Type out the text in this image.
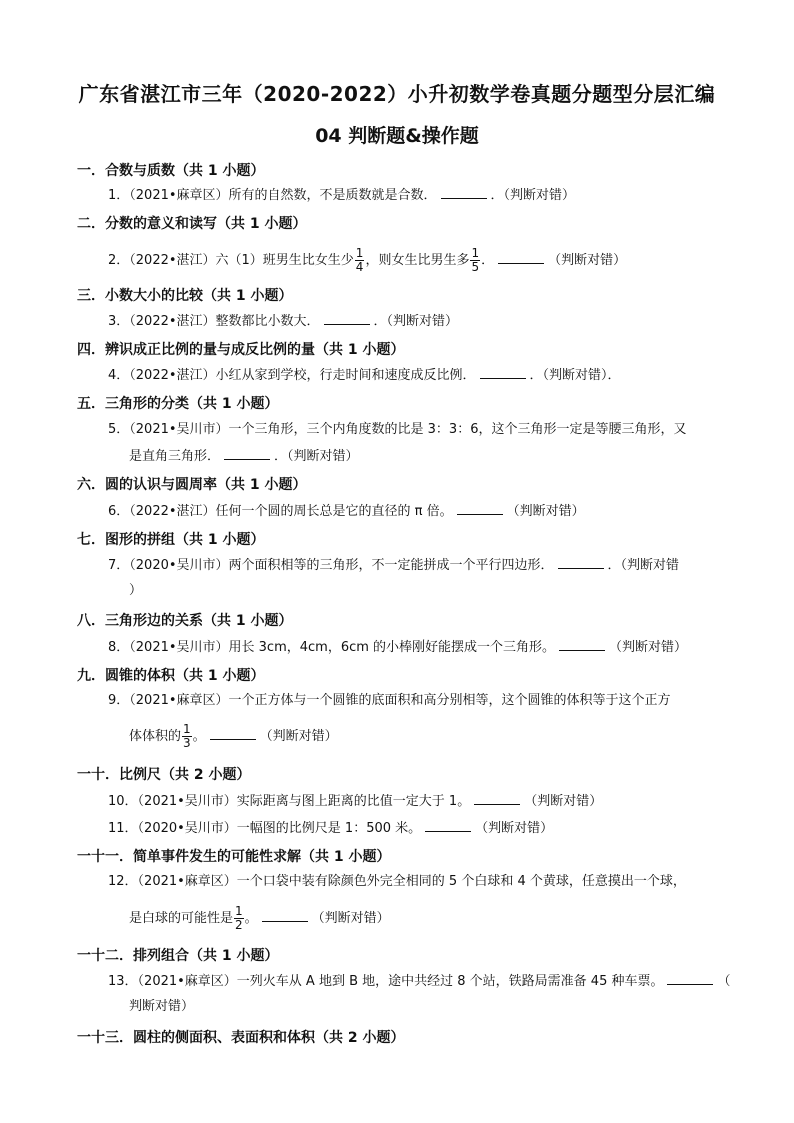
广东省湛江市三年（2020-2022）小升初数学卷真题分题型分层汇编
04 判断题&操作题
一．合数与质数（共 1 小题）
1．（2021•麻章区）所有的自然数，不是质数就是合数．	．（判断对错）
二．分数的意义和读写（共 1 小题）
2．（2022•湛江）六（1）班男生比女生少 $\frac{1}{4}$ ，则女生比男生多 $\frac{1}{5}$ ．	（判断对错）
三．小数大小的比较（共 1 小题）
3．（2022•湛江）整数都比小数大．	．（判断对错）
四．辨识成正比例的量与成反比例的量（共 1 小题）
4．（2022•湛江）小红从家到学校，行走时间和速度成反比例．	．（判断对错）．
五．三角形的分类（共 1 小题）
5．（2021•吴川市）一个三角形，三个内角度数的比是 3：3：6，这个三角形一定是等腰三角形，又
是直角三角形．	．（判断对错）
六．圆的认识与圆周率（共 1 小题）
6．（2022•湛江）任何一个圆的周长总是它的直径的 π 倍。	（判断对错）
七．图形的拼组（共 1 小题）
7．（2020•吴川市）两个面积相等的三角形，不一定能拼成一个平行四边形．	．（判断对错
）
八．三角形边的关系（共 1 小题）
8．（2021•吴川市）用长 3cm，4cm，6cm 的小棒刚好能摆成一个三角形。	（判断对错）
九．圆锥的体积（共 1 小题）
9．（2021•麻章区）一个正方体与一个圆锥的底面积和高分别相等，这个圆锥的体积等于这个正方
体体积的 $\frac{1}{3}$ 。	（判断对错）
一十．比例尺（共 2 小题）
10．（2021•吴川市）实际距离与图上距离的比值一定大于 1。	（判断对错）
11．（2020•吴川市）一幅图的比例尺是 1：500 米。	（判断对错）
一十一．简单事件发生的可能性求解（共 1 小题）
12．（2021•麻章区）一个口袋中装有除颜色外完全相同的 5 个白球和 4 个黄球，任意摸出一个球，
是白球的可能性是 $\frac{1}{2}$ 。	（判断对错）
一十二．排列组合（共 1 小题）
13．（2021•麻章区）一列火车从 A 地到 B 地，途中共经过 8 个站，铁路局需准备 45 种车票。	（
判断对错）
一十三．圆柱的侧面积、表面积和体积（共 2 小题）
